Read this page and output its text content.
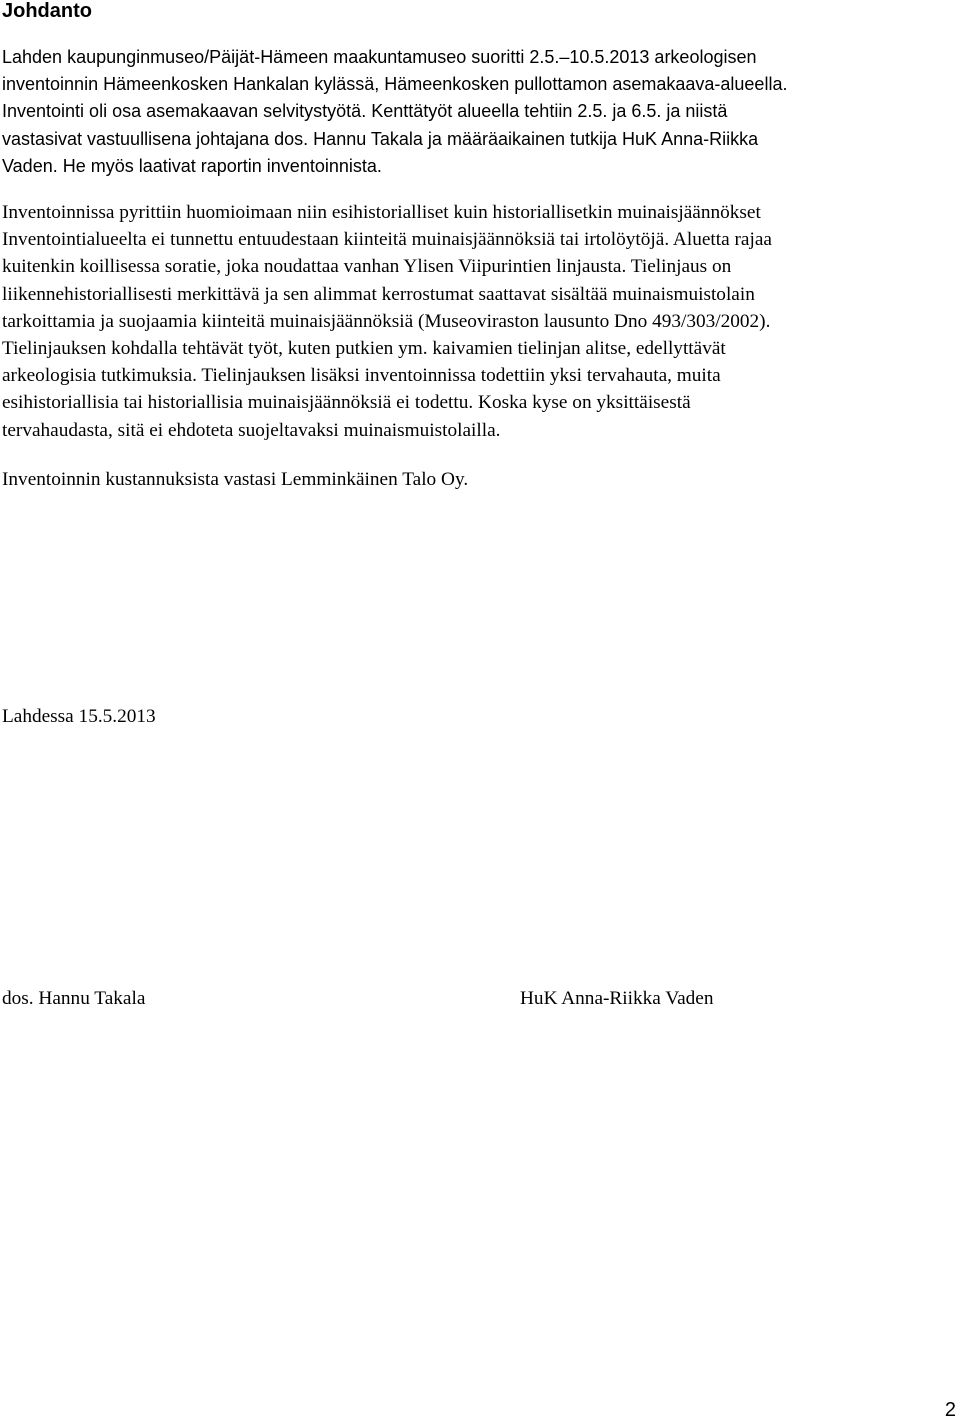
Johdanto

Lahden kaupunginmuseo/Päijät-Hämeen maakuntamuseo suoritti 2.5.–10.5.2013 arkeologisen
inventoinnin Hämeenkosken Hankalan kylässä, Hämeenkosken pullottamon asemakaava-alueella.
Inventointi oli osa asemakaavan selvitystyötä. Kenttätyöt alueella tehtiin 2.5. ja 6.5. ja niistä
vastasivat vastuullisena johtajana dos. Hannu Takala ja määräaikainen tutkija HuK Anna-Riikka
Vaden. He myös laativat raportin inventoinnista.

Inventoinnissa pyrittiin huomioimaan niin esihistorialliset kuin historiallisetkin muinaisjäännökset
Inventointialueelta ei tunnettu entuudestaan kiinteitä muinaisjäännöksiä tai irtolöytöjä. Aluetta rajaa
kuitenkin koillisessa soratie, joka noudattaa vanhan Ylisen Viipurintien linjausta. Tielinjaus on
liikennehistoriallisesti merkittävä ja sen alimmat kerrostumat saattavat sisältää muinaismuistolain
tarkoittamia ja suojaamia kiinteitä muinaisjäännöksiä (Museoviraston lausunto Dno 493/303/2002).
Tielinjauksen kohdalla tehtävät työt, kuten putkien ym. kaivamien tielinjan alitse, edellyttävät
arkeologisia tutkimuksia. Tielinjauksen lisäksi inventoinnissa todettiin yksi tervahauta, muita
esihistoriallisia tai historiallisia muinaisjäännöksiä ei todettu. Koska kyse on yksittäisestä
tervahaudasta, sitä ei ehdoteta suojeltavaksi muinaismuistolailla.

Inventoinnin kustannuksista vastasi Lemminkäinen Talo Oy.

Lahdessa 15.5.2013

dos. Hannu Takala	HuK Anna-Riikka Vaden

2
